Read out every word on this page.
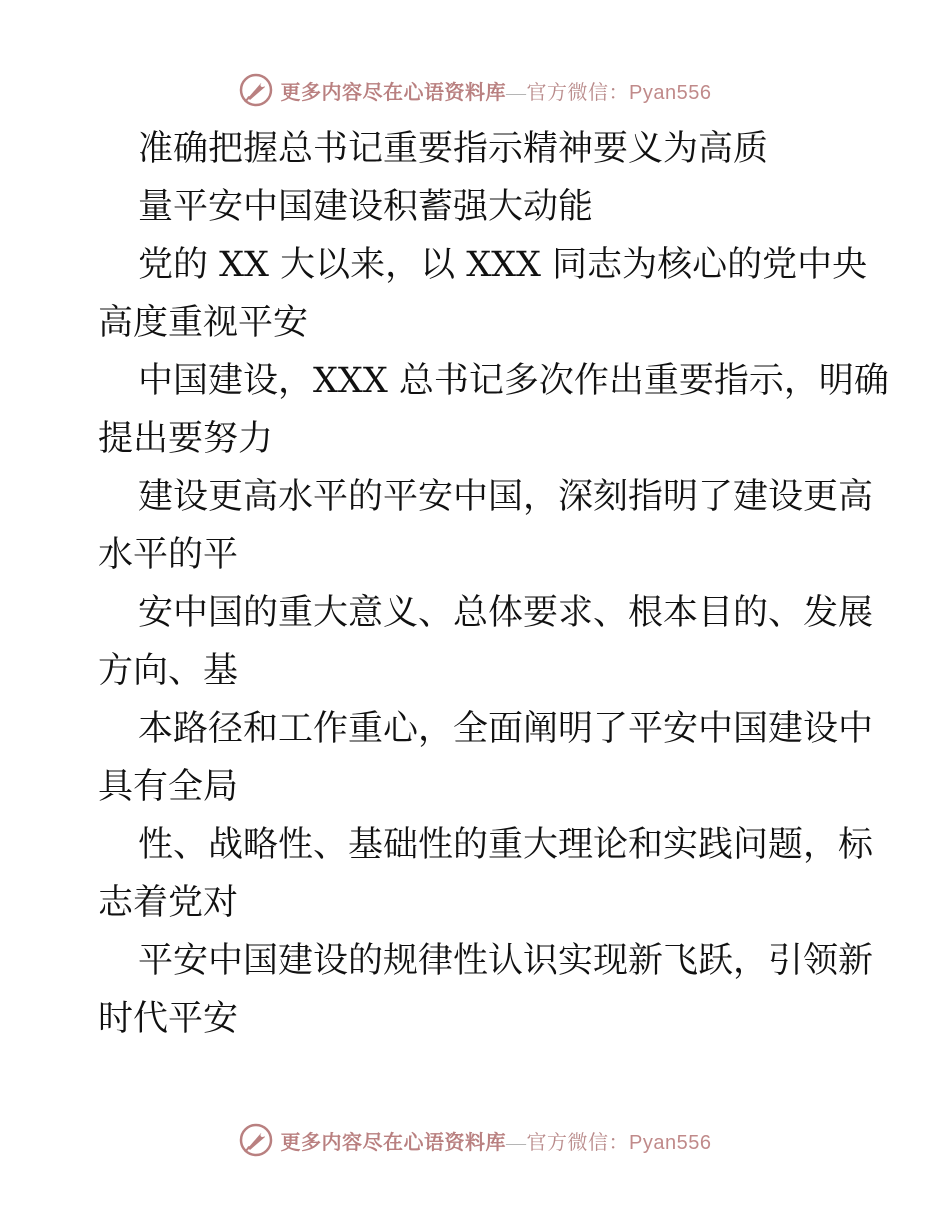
更多内容尽在心语资料库—官方微信：Pyan556
准确把握总书记重要指示精神要义为高质
量平安中国建设积蓄强大动能
党的 XX 大以来，以 XXX 同志为核心的党中央
高度重视平安
中国建设，XXX 总书记多次作出重要指示，明确
提出要努力
建设更高水平的平安中国，深刻指明了建设更高
水平的平
安中国的重大意义、总体要求、根本目的、发展
方向、基
本路径和工作重心，全面阐明了平安中国建设中
具有全局
性、战略性、基础性的重大理论和实践问题，标
志着党对
平安中国建设的规律性认识实现新飞跃，引领新
时代平安
更多内容尽在心语资料库—官方微信：Pyan556
